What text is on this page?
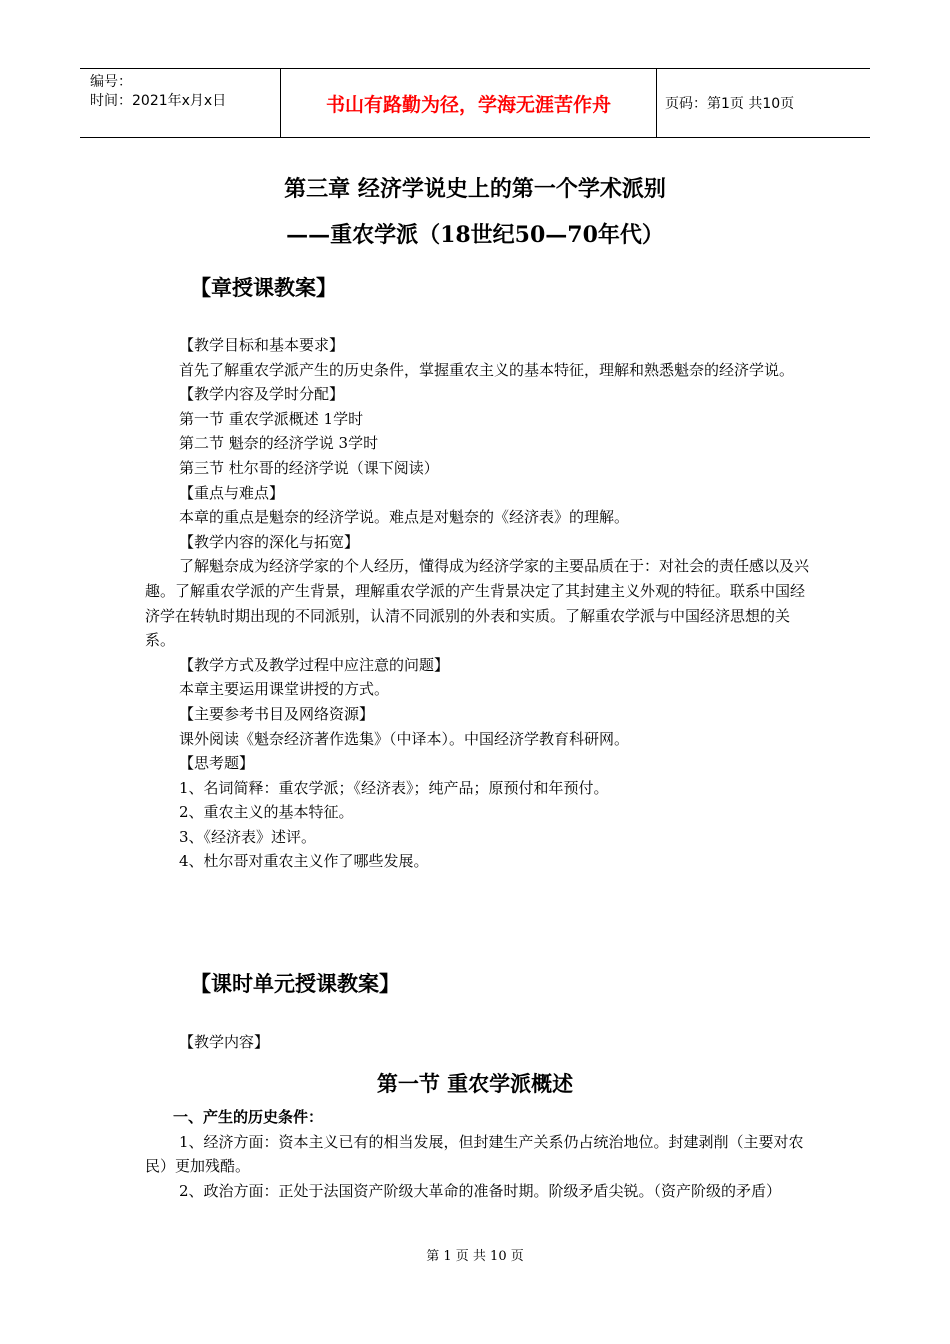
编号：
时间：2021年x月x日	书山有路勤为径，学海无涯苦作舟	页码：第1页 共10页
第三章 经济学说史上的第一个学术派别
——重农学派（18世纪50—70年代）
【章授课教案】

【教学目标和基本要求】

首先了解重农学派产生的历史条件，掌握重农主义的基本特征，理解和熟悉魁奈的经济学说。

【教学内容及学时分配】

第一节 重农学派概述 1学时

第二节 魁奈的经济学说 3学时

第三节 杜尔哥的经济学说（课下阅读）

【重点与难点】

本章的重点是魁奈的经济学说。难点是对魁奈的《经济表》的理解。

【教学内容的深化与拓宽】

了解魁奈成为经济学家的个人经历，懂得成为经济学家的主要品质在于：对社会的责任感以及兴趣。了解重农学派的产生背景，理解重农学派的产生背景决定了其封建主义外观的特征。联系中国经济学在转轨时期出现的不同派别，认清不同派别的外表和实质。了解重农学派与中国经济思想的关系。

【教学方式及教学过程中应注意的问题】

本章主要运用课堂讲授的方式。

【主要参考书目及网络资源】

课外阅读《魁奈经济著作选集》（中译本）。中国经济学教育科研网。

【思考题】

1、名词简释：重农学派；《经济表》；纯产品；原预付和年预付。

2、重农主义的基本特征。

3、《经济表》述评。

4、杜尔哥对重农主义作了哪些发展。

【课时单元授课教案】

【教学内容】

第一节 重农学派概述

一、产生的历史条件：

1、经济方面：资本主义已有的相当发展，但封建生产关系仍占统治地位。封建剥削（主要对农民）更加残酷。

2、政治方面：正处于法国资产阶级大革命的准备时期。阶级矛盾尖锐。（资产阶级的矛盾）

第 1 页 共 10 页
